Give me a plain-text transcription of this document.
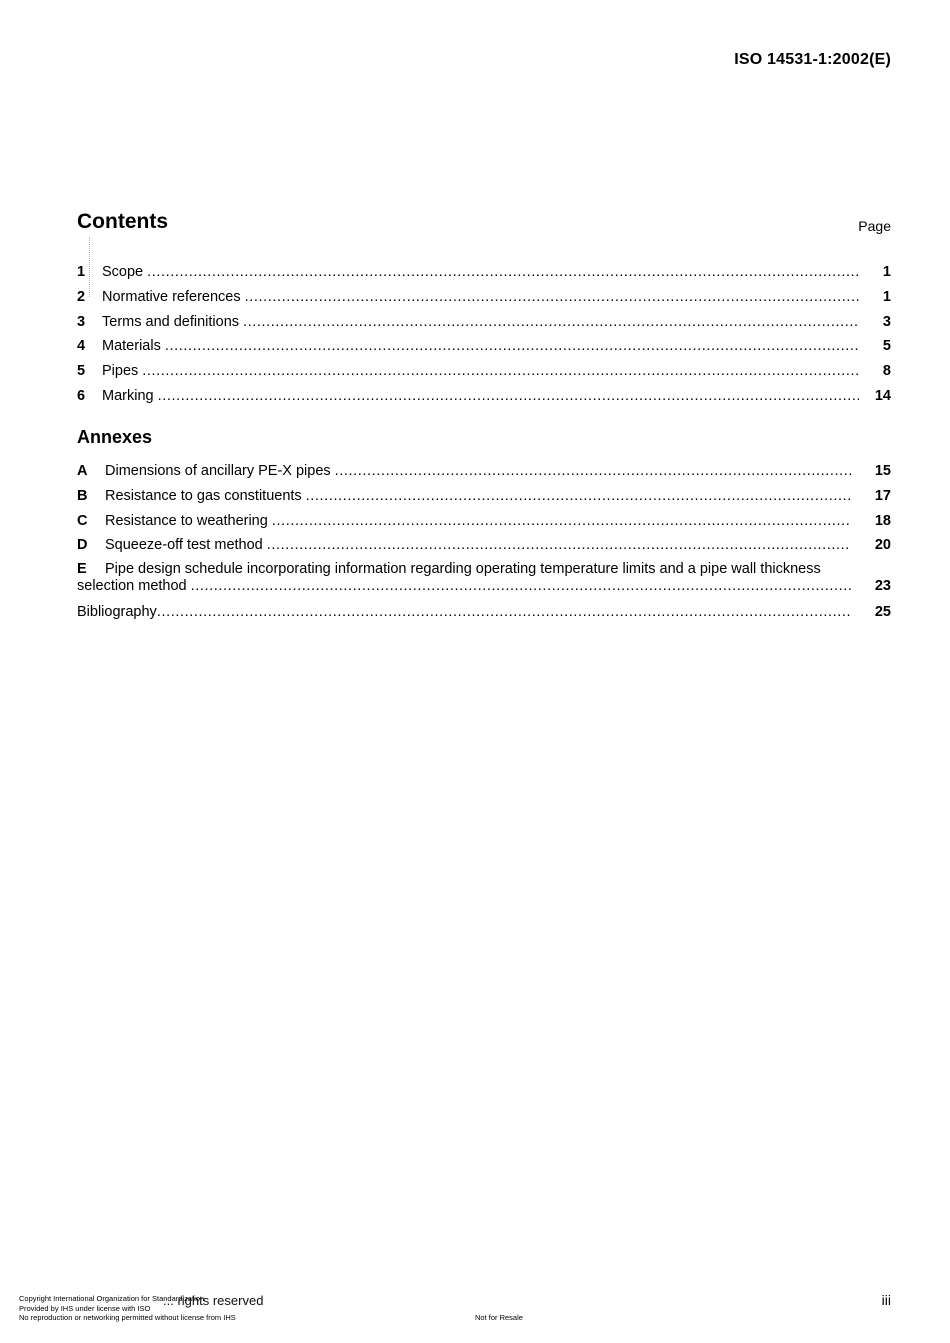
ISO 14531-1:2002(E)
Contents	Page
1	Scope .....	1
2	Normative references .....	1
3	Terms and definitions .....	3
4	Materials .....	5
5	Pipes .....	8
6	Marking .....	14
Annexes
A	Dimensions of ancillary PE-X pipes .....	15
B	Resistance to gas constituents .....	17
C	Resistance to weathering .....	18
D	Squeeze-off test method .....	20
E Pipe design schedule incorporating information regarding operating temperature limits and a pipe wall thickness
selection method .....	23
Bibliography .....	25
Copyright International Organization for Standardization
Provided by IHS under license with ISO
No reproduction or networking permitted without license from IHS
... rights reserved
Not for Resale
iii
